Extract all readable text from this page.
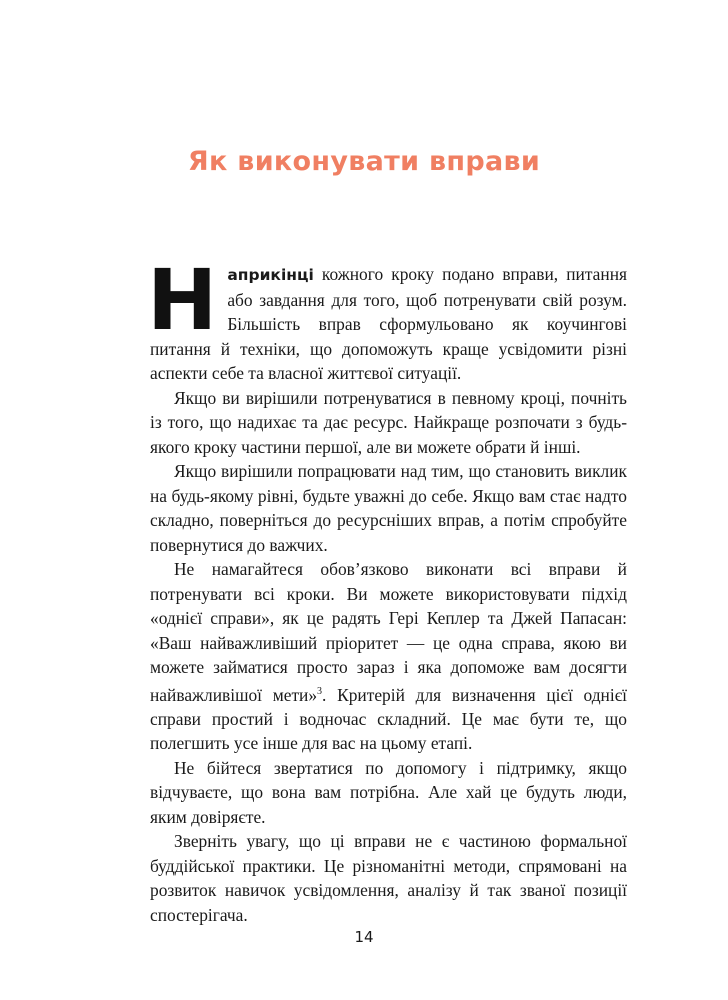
Як виконувати вправи

Наприкінці кожного кроку подано вправи, питання або завдання для того, щоб потренувати свій розум. Більшість вправ сформульовано як коучингові питання й техніки, що допоможуть краще усвідомити різні аспекти себе та власної життєвої ситуації.

Якщо ви вирішили потренуватися в певному кроці, почніть із того, що надихає та дає ресурс. Найкраще розпочати з будь-якого кроку частини першої, але ви можете обрати й інші.

Якщо вирішили попрацювати над тим, що становить виклик на будь-якому рівні, будьте уважні до себе. Якщо вам стає надто складно, поверніться до ресурсніших вправ, а потім спробуйте повернутися до важчих.

Не намагайтеся обов’язково виконати всі вправи й потренувати всі кроки. Ви можете використовувати підхід «однієї справи», як це радять Гері Кеплер та Джей Папасан: «Ваш найважливіший пріоритет — це одна справа, якою ви можете займатися просто зараз і яка допоможе вам досягти найважливішої мети»$^3$. Критерій для визначення цієї однієї справи простий і водночас складний. Це має бути те, що полегшить усе інше для вас на цьому етапі.

Не бійтеся звертатися по допомогу і підтримку, якщо відчуваєте, що вона вам потрібна. Але хай це будуть люди, яким довіряєте.

Зверніть увагу, що ці вправи не є частиною формальної буддійської практики. Це різноманітні методи, спрямовані на розвиток навичок усвідомлення, аналізу й так званої позиції спостерігача.

14
